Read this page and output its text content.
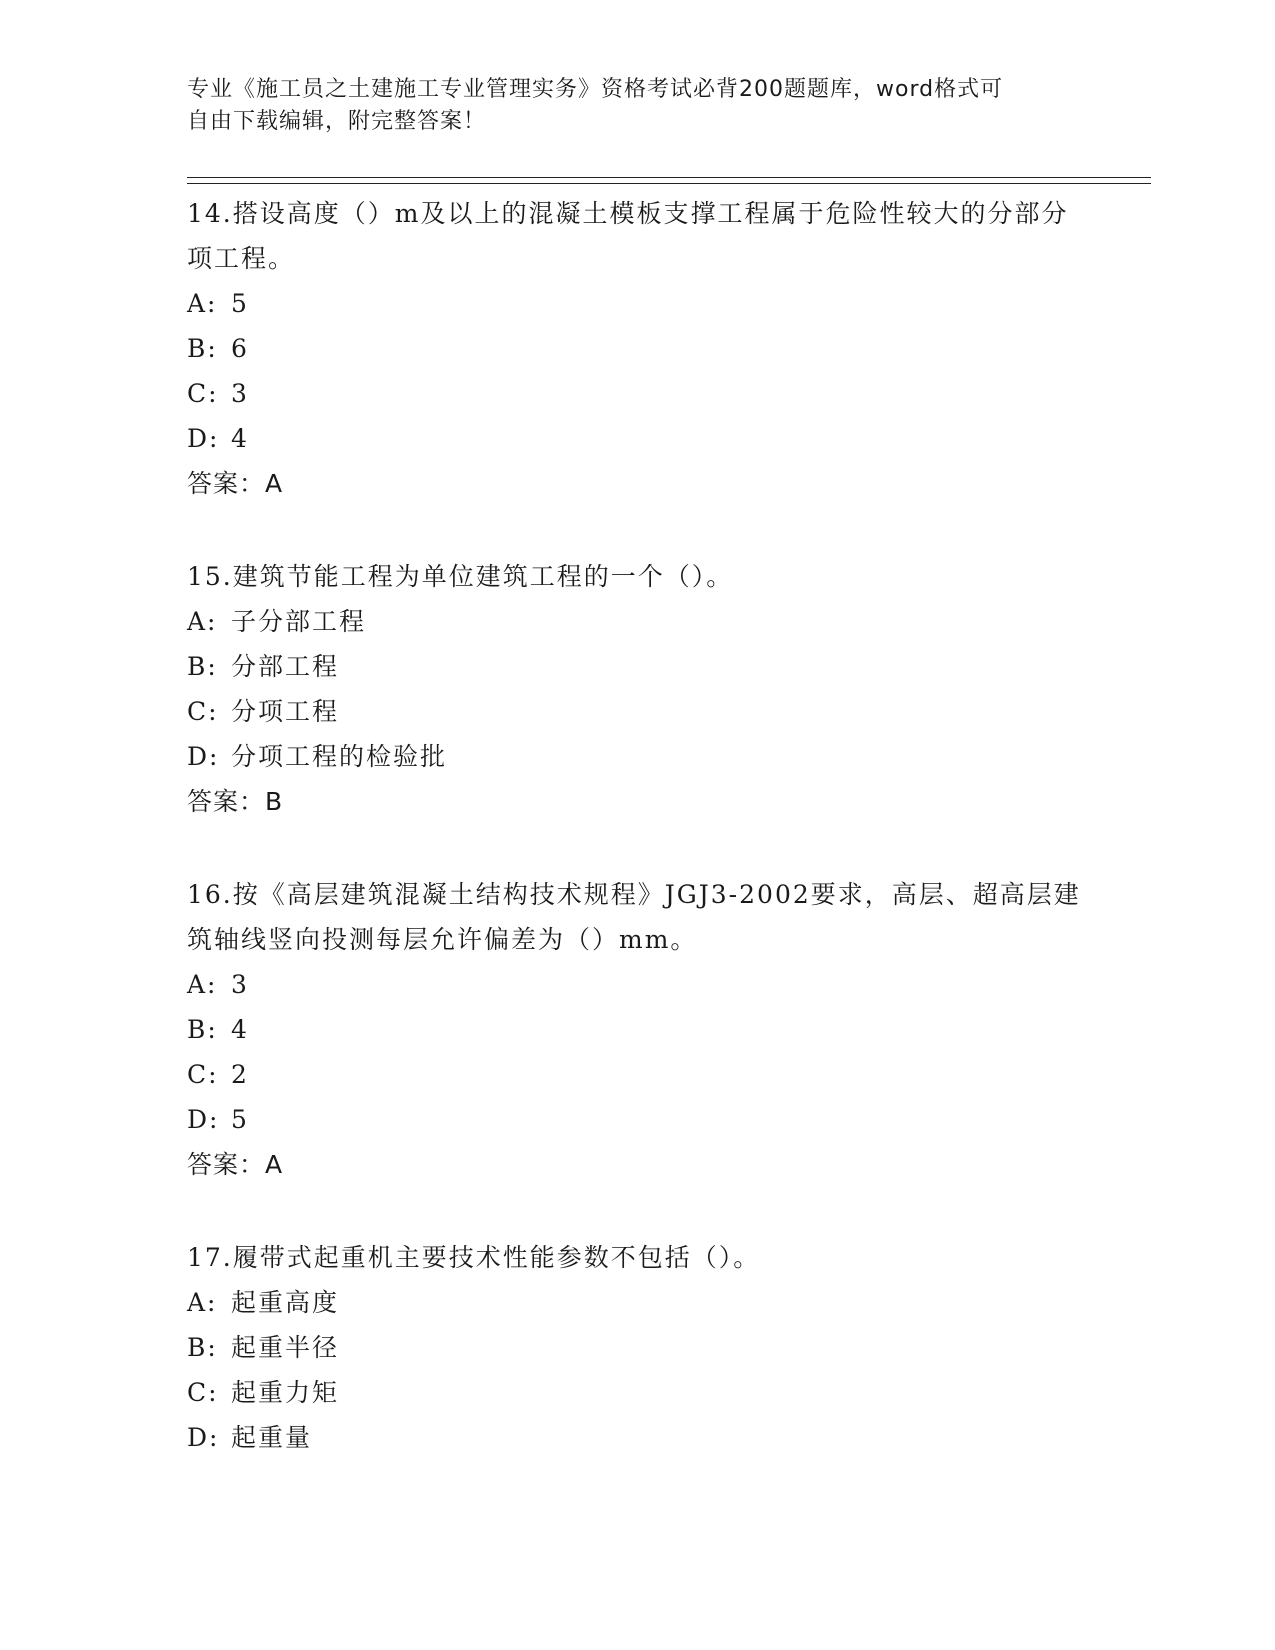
专业《施工员之土建施工专业管理实务》资格考试必背200题题库，word格式可
自由下载编辑，附完整答案！

14.搭设高度（）m及以上的混凝土模板支撑工程属于危险性较大的分部分项工程。

A: 5

B: 6

C: 3

D: 4

答案：A

15.建筑节能工程为单位建筑工程的一个（）。

A: 子分部工程

B: 分部工程

C: 分项工程

D: 分项工程的检验批

答案：B

16.按《高层建筑混凝土结构技术规程》JGJ3-2002要求，高层、超高层建筑轴线竖向投测每层允许偏差为（）mm。

A: 3

B: 4

C: 2

D: 5

答案：A

17.履带式起重机主要技术性能参数不包括（）。

A: 起重高度

B: 起重半径

C: 起重力矩

D: 起重量
